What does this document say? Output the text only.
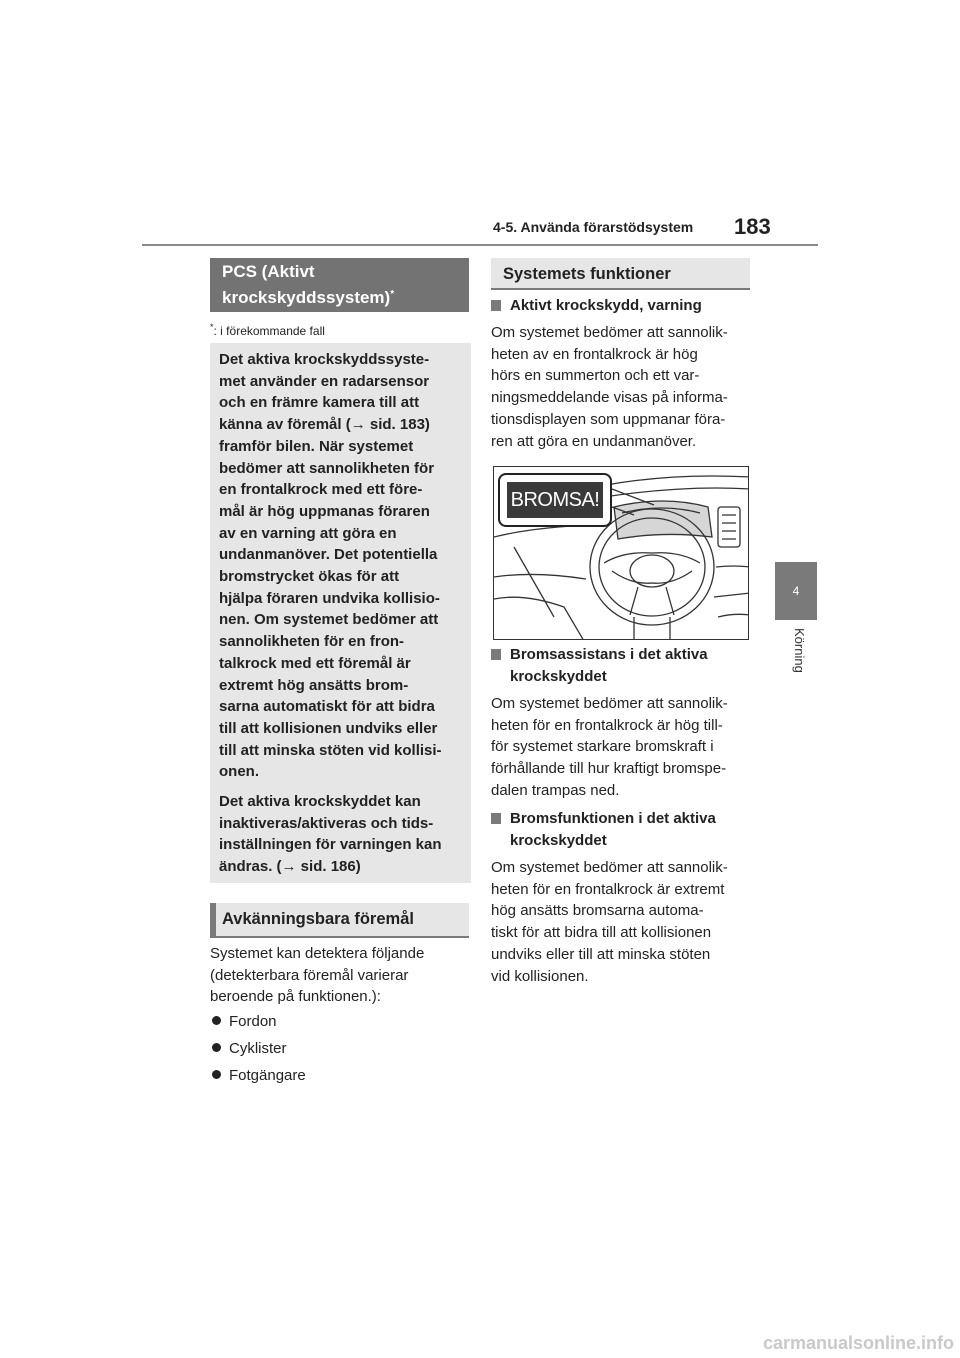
4-5. Använda förarstödsystem 183
4
Körning
PCS (Aktivt
krockskyddssystem)*
*: i förekommande fall

Det aktiva krockskyddssyste-
met använder en radarsensor
och en främre kamera till att
känna av föremål (→ sid. 183)
framför bilen. När systemet
bedömer att sannolikheten för
en frontalkrock med ett före-
mål är hög uppmanas föraren
av en varning att göra en
undanmanöver. Det potentiella
bromstrycket ökas för att
hjälpa föraren undvika kollisio-
nen. Om systemet bedömer att
sannolikheten för en fron-
talkrock med ett föremål är
extremt hög ansätts brom-
sarna automatiskt för att bidra
till att kollisionen undviks eller
till att minska stöten vid kollisi-
onen.

Det aktiva krockskyddet kan
inaktiveras/aktiveras och tids-
inställningen för varningen kan
ändras. (→ sid. 186)

Avkänningsbara föremål

Systemet kan detektera följande
(detekterbara föremål varierar
beroende på funktionen.):

Fordon
Cyklister
Fotgängare
Systemets funktioner
Aktivt krockskydd, varning

Om systemet bedömer att sannolik-
heten av en frontalkrock är hög
hörs en summerton och ett var-
ningsmeddelande visas på informa-
tionsdisplayen som uppmanar föra-
ren att göra en undanmanöver.

BROMSA!
Bromsassistans i det aktiva
krockskyddet

Om systemet bedömer att sannolik-
heten för en frontalkrock är hög till-
för systemet starkare bromskraft i
förhållande till hur kraftigt bromspe-
dalen trampas ned.

Bromsfunktionen i det aktiva
krockskyddet

Om systemet bedömer att sannolik-
heten för en frontalkrock är extremt
hög ansätts bromsarna automa-
tiskt för att bidra till att kollisionen
undviks eller till att minska stöten
vid kollisionen.

carmanualsonline.info
